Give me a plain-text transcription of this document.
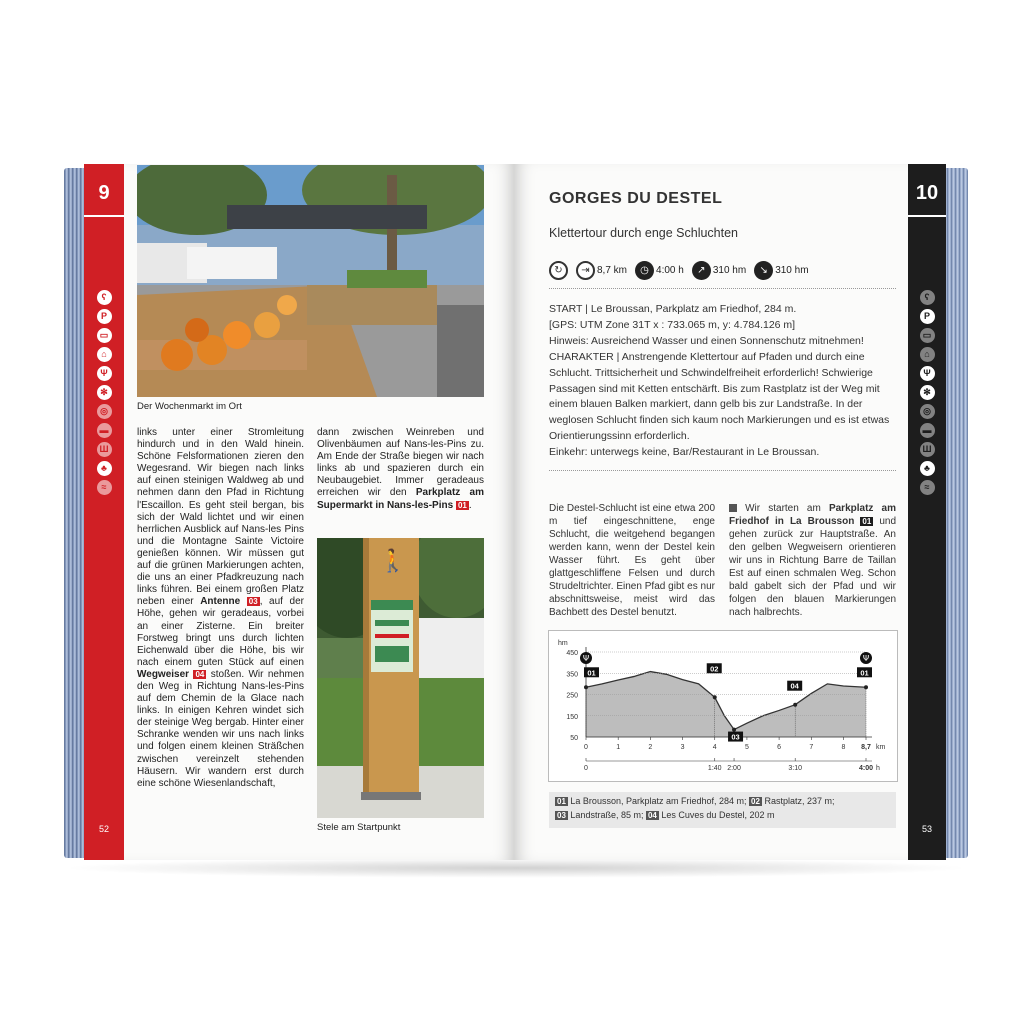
9
ʕ
P
▭
⌂
Ψ
✻
◎
▬
Ш
♣
≈
52
Der Wochenmarkt im Ort
links unter einer Stromleitung hindurch und in den Wald hinein. Schöne Felsformationen zieren den Wegesrand. Wir biegen nach links auf einen steinigen Waldweg ab und nehmen dann den Pfad in Richtung l'Escaillon. Es geht steil bergan, bis sich der Wald lichtet und wir einen herrlichen Ausblick auf Nans-les Pins und die Montagne Sainte Victoire genießen können. Wir müssen gut auf die grünen Markierungen achten, die uns an einer Pfadkreuzung nach links führen. Bei einem großen Platz neben einer Antenne 03 , auf der Höhe, gehen wir geradeaus, vorbei an einer Zisterne. Ein breiter Forstweg bringt uns durch lichten Eichenwald über die Höhe, bis wir nach einem guten Stück auf einen Wegweiser 04 stoßen. Wir nehmen den Weg in Richtung Nans-les-Pins auf dem Chemin de la Glace nach links. In einigen Kehren windet sich der steinige Weg bergab. Hinter einer Schranke wenden wir uns nach links und folgen einem kleinen Sträßchen zwischen vereinzelt stehenden Häusern. Wir wandern erst durch eine schöne Wiesenlandschaft,
dann zwischen Weinreben und Olivenbäumen auf Nans-les-Pins zu. Am Ende der Straße biegen wir nach links ab und spazieren durch ein Neubaugebiet. Immer geradeaus erreichen wir den Parkplatz am Supermarkt in Nans-les-Pins 01 .
🚶
Stele am Startpunkt
10
ʕ
P
▭
⌂
Ψ
✻
◎
▬
Ш
♣
≈
53
GORGES DU DESTEL
Klettertour durch enge Schluchten
↻	⇥ 8,7 km	◷ 4:00 h	↗ 310 hm	↘ 310 hm
START | Le Broussan, Parkplatz am Friedhof, 284 m.
[GPS: UTM Zone 31T x : 733.065 m, y: 4.784.126 m]
Hinweis: Ausreichend Wasser und einen Sonnenschutz mitnehmen!
CHARAKTER | Anstrengende Klettertour auf Pfaden und durch eine Schlucht. Trittsicherheit und Schwindelfreiheit erforderlich! Schwierige Passagen sind mit Ketten entschärft. Bis zum Rastplatz ist der Weg mit einem blauen Balken markiert, dann gelb bis zur Landstraße. In der weglosen Schlucht finden sich kaum noch Markierungen und es ist etwas Orientierungssinn erforderlich.
Einkehr: unterwegs keine, Bar/Restaurant in Le Broussan.
Die Destel-Schlucht ist eine etwa 200 m tief eingeschnittene, enge Schlucht, die weitgehend begangen werden kann, wenn der Destel kein Wasser führt. Es geht über glattgeschliffene Felsen und durch Strudeltrichter. Einen Pfad gibt es nur abschnittsweise, meist wird das Bachbett des Destel benutzt.
Wir starten am Parkplatz am Friedhof in La Brousson 01 und gehen zurück zur Hauptstraße. An den gelben Wegweisern orientieren wir uns in Richtung Barre de Taillan Est auf einen schmalen Weg. Schon bald gabelt sich der Pfad und wir folgen den blauen Markierungen nach halbrechts.
50
150
250
350
450
hm
0	1	2	3	4	5	6	7	8 8,7 km
0	1:40 2:00	3:10	4:00 h
01	02
03
04
01
Ψ	Ψ
01 La Brousson, Parkplatz am Friedhof, 284 m; 02 Rastplatz, 237 m;
03 Landstraße, 85 m; 04 Les Cuves du Destel, 202 m
